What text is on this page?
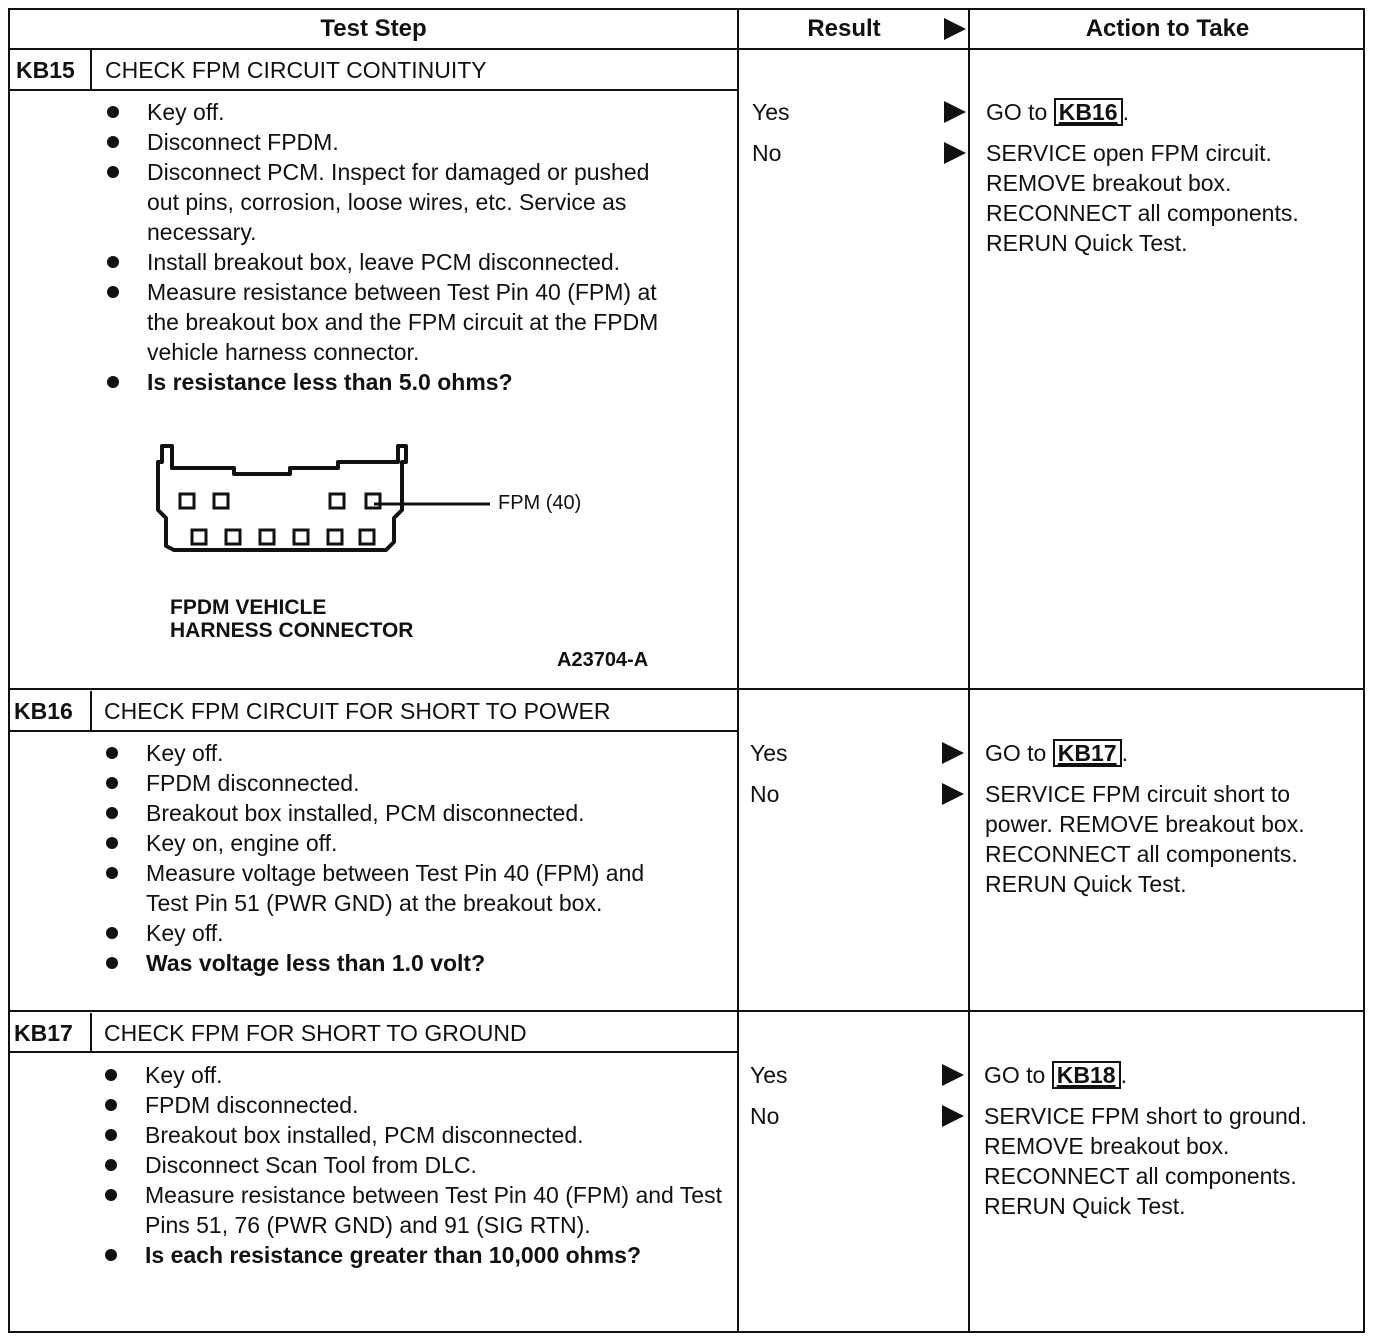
Test Step	Result	Action to Take
KB15 CHECK FPM CIRCUIT CONTINUITY
Key off.
Disconnect FPDM.
Disconnect PCM. Inspect for damaged or pushed out pins, corrosion, loose wires, etc. Service as necessary.
Install breakout box, leave PCM disconnected.
Measure resistance between Test Pin 40 (FPM) at the breakout box and the FPM circuit at the FPDM vehicle harness connector.
Is resistance less than 5.0 ohms?
FPM (40)
FPDM VEHICLE
HARNESS CONNECTOR
A23704-A
Yes
No
GO to KB16 .
SERVICE open FPM circuit. REMOVE breakout box. RECONNECT all components. RERUN Quick Test.
KB16 CHECK FPM CIRCUIT FOR SHORT TO POWER
Key off.
FPDM disconnected.
Breakout box installed, PCM disconnected.
Key on, engine off.
Measure voltage between Test Pin 40 (FPM) and Test Pin 51 (PWR GND) at the breakout box.
Key off.
Was voltage less than 1.0 volt?
Yes
No
GO to KB17 .
SERVICE FPM circuit short to power. REMOVE breakout box. RECONNECT all components. RERUN Quick Test.
KB17 CHECK FPM FOR SHORT TO GROUND
Key off.
FPDM disconnected.
Breakout box installed, PCM disconnected.
Disconnect Scan Tool from DLC.
Measure resistance between Test Pin 40 (FPM) and Test Pins 51, 76 (PWR GND) and 91 (SIG RTN).
Is each resistance greater than 10,000 ohms?
Yes
No
GO to KB18 .
SERVICE FPM short to ground. REMOVE breakout box. RECONNECT all components. RERUN Quick Test.
